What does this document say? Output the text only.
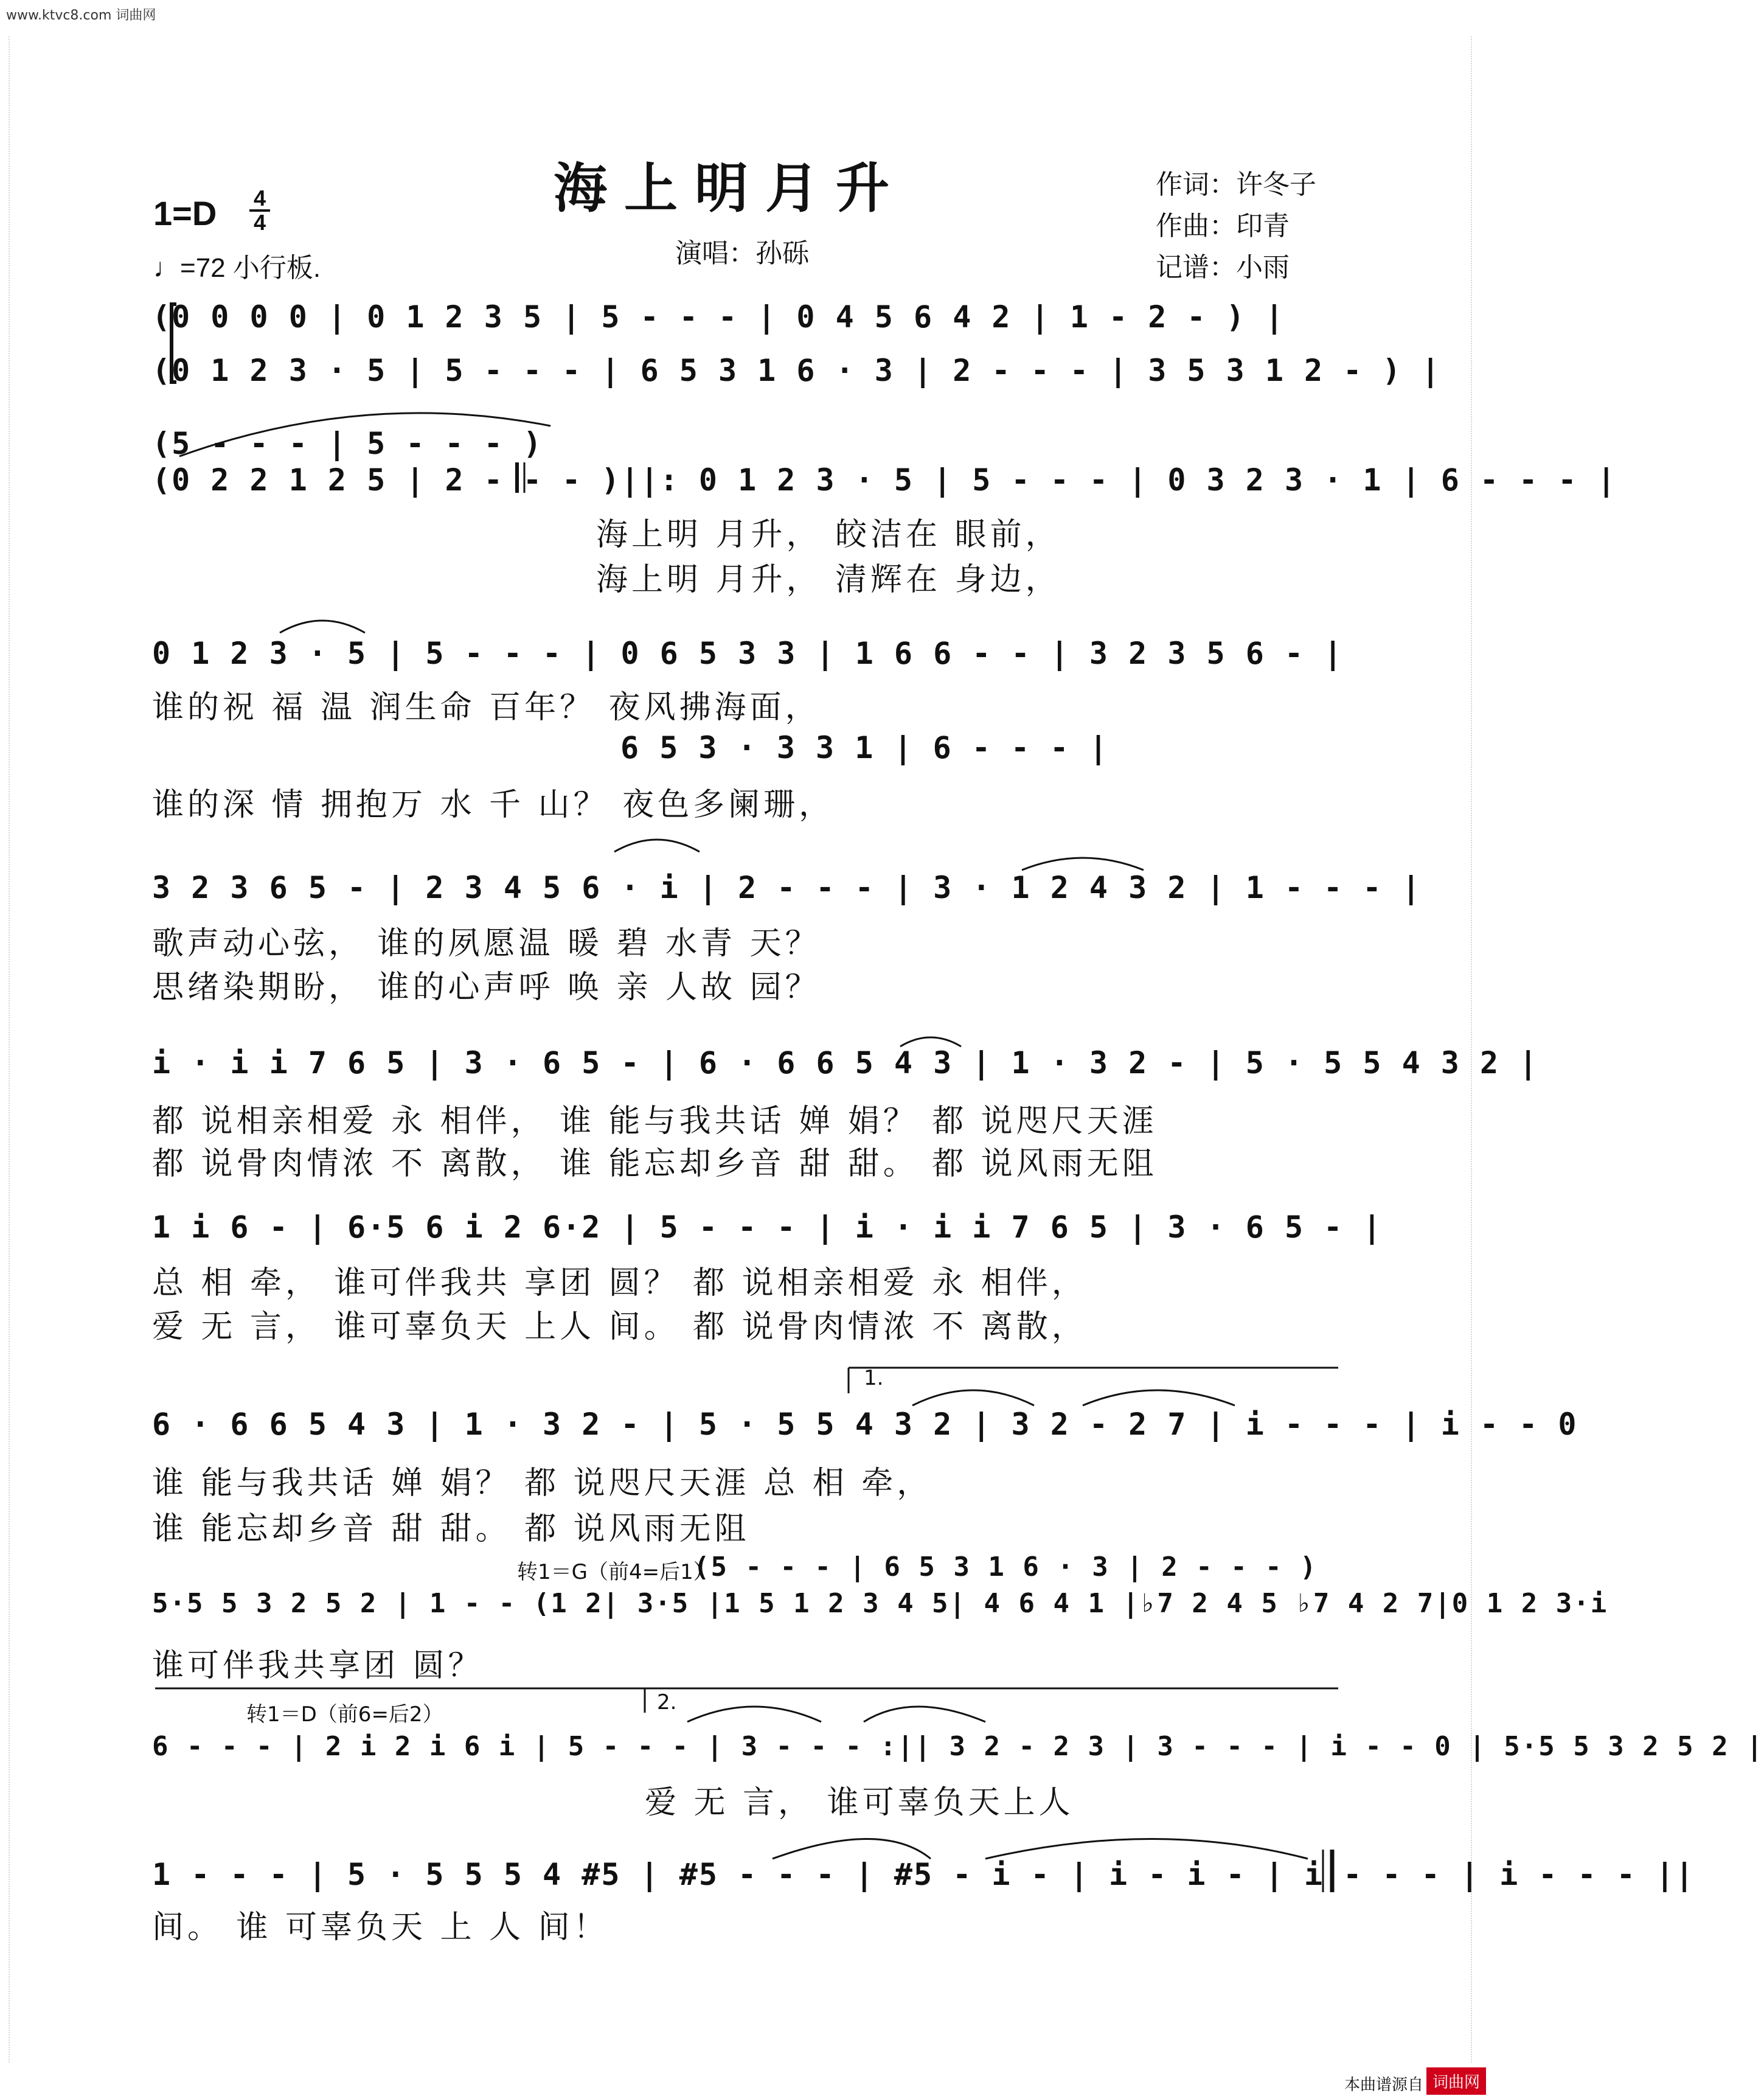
www.ktvc8.com 词曲网
海上明月升	作词：许冬子
作曲：印青
记谱：小雨
1=D 4
4
♩=72 小行板.	演唱：孙砾
(0 0 0 0 | 0 1 2 3 5 | 5 - - - | 0 4 5 6 4 2 | 1 - 2 - ) |
(0 1 2 3 · 5 | 5 - - - | 6 5 3 1 6 · 3 | 2 - - - | 3 5 3 1 2 - ) |
(5 - - - | 5 - - - )
(0 2 2 1 2 5 | 2 - - - )||: 0 1 2 3 · 5 | 5 - - - | 0 3 2 3 · 1 | 6 - - - |
海上明 月升， 皎洁在 眼前，
海上明 月升， 清辉在 身边，
0 1 2 3 · 5 | 5 - - - | 0 6 5 3 3 | 1 6 6 - - | 3 2 3 5 6 - |
谁的祝 福 温 润生命 百年？ 夜风拂海面，
6 5 3 · 3 3 1 | 6 - - - |
谁的深 情 拥抱万 水 千 山？ 夜色多阑珊，
3 2 3 6 5 - | 2 3 4 5 6 · i | 2 - - - | 3 · 1 2 4 3 2 | 1 - - - |
歌声动心弦， 谁的夙愿温 暖 碧 水青 天？
思绪染期盼， 谁的心声呼 唤 亲 人故 园？
i · i i 7 6 5 | 3 · 6 5 - | 6 · 6 6 5 4 3 | 1 · 3 2 - | 5 · 5 5 4 3 2 |
都 说相亲相爱 永 相伴， 谁 能与我共话 婵 娟？ 都 说咫尺天涯
都 说骨肉情浓 不 离散， 谁 能忘却乡音 甜 甜。 都 说风雨无阻
1 i 6 - | 6·5 6 i 2 6·2 | 5 - - - | i · i i 7 6 5 | 3 · 6 5 - |
总 相 牵， 谁可伴我共 享团 圆？ 都 说相亲相爱 永 相伴，
爱 无 言， 谁可辜负天 上人 间。 都 说骨肉情浓 不 离散，
1.
6 · 6 6 5 4 3 | 1 · 3 2 - | 5 · 5 5 4 3 2 | 3 2 - 2 7 | i - - - | i - - 0
谁 能与我共话 婵 娟？ 都 说咫尺天涯 总 相 牵，
谁 能忘却乡音 甜 甜。 都 说风雨无阻
转1＝G（前4=后1）
(5 - - - | 6 5 3 1 6 · 3 | 2 - - - )
5·5 5 3 2 5 2 | 1 - - (1 2| 3·5 |1 5 1 2 3 4 5| 4 6 4 1 |♭7 2 4 5 ♭7 4 2 7|0 1 2 3·i
谁可伴我共享团 圆？
转1＝D（前6=后2）	2.
6 - - - | 2 i 2 i 6 i | 5 - - - | 3 - - - :|| 3 2 - 2 3 | 3 - - - | i - - 0 | 5·5 5 3 2 5 2 |
爱 无 言， 谁可辜负天上人
1 - - - | 5 · 5 5 5 4 #5 | #5 - - - | #5 - i - | i - i - | i - - - | i - - - ||
间。 谁 可辜负天 上 人 间！
本曲谱源自 词曲网
